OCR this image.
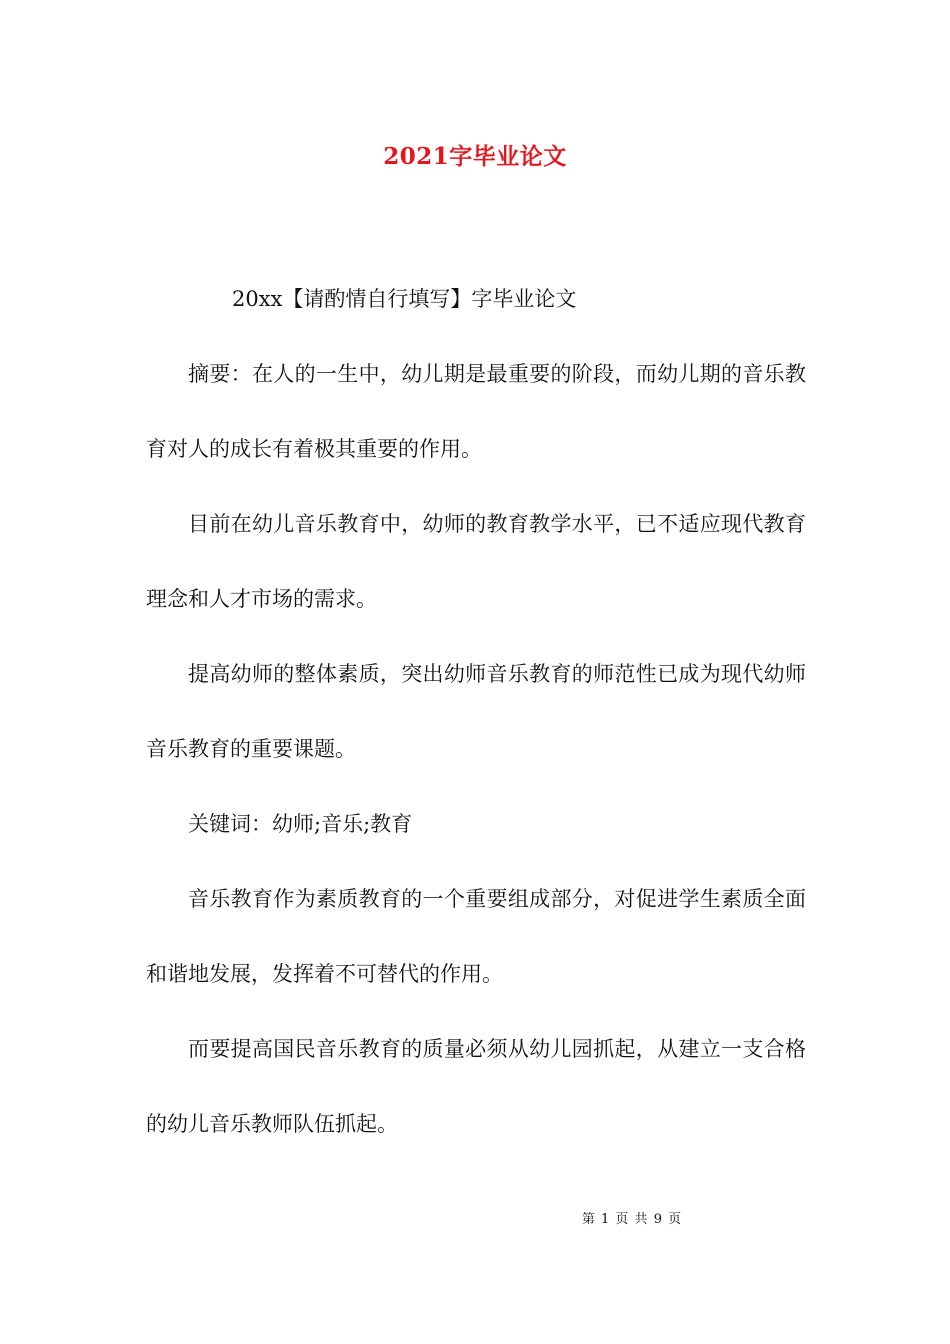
2021字毕业论文

20xx【请酌情自行填写】字毕业论文

摘要：在人的一生中，幼儿期是最重要的阶段，而幼儿期的音乐教育对人的成长有着极其重要的作用。

目前在幼儿音乐教育中，幼师的教育教学水平，已不适应现代教育理念和人才市场的需求。

提高幼师的整体素质，突出幼师音乐教育的师范性已成为现代幼师音乐教育的重要课题。

关键词：幼师;音乐;教育

音乐教育作为素质教育的一个重要组成部分，对促进学生素质全面和谐地发展，发挥着不可替代的作用。

而要提高国民音乐教育的质量必须从幼儿园抓起，从建立一支合格的幼儿音乐教师队伍抓起。

第 1 页 共 9 页
